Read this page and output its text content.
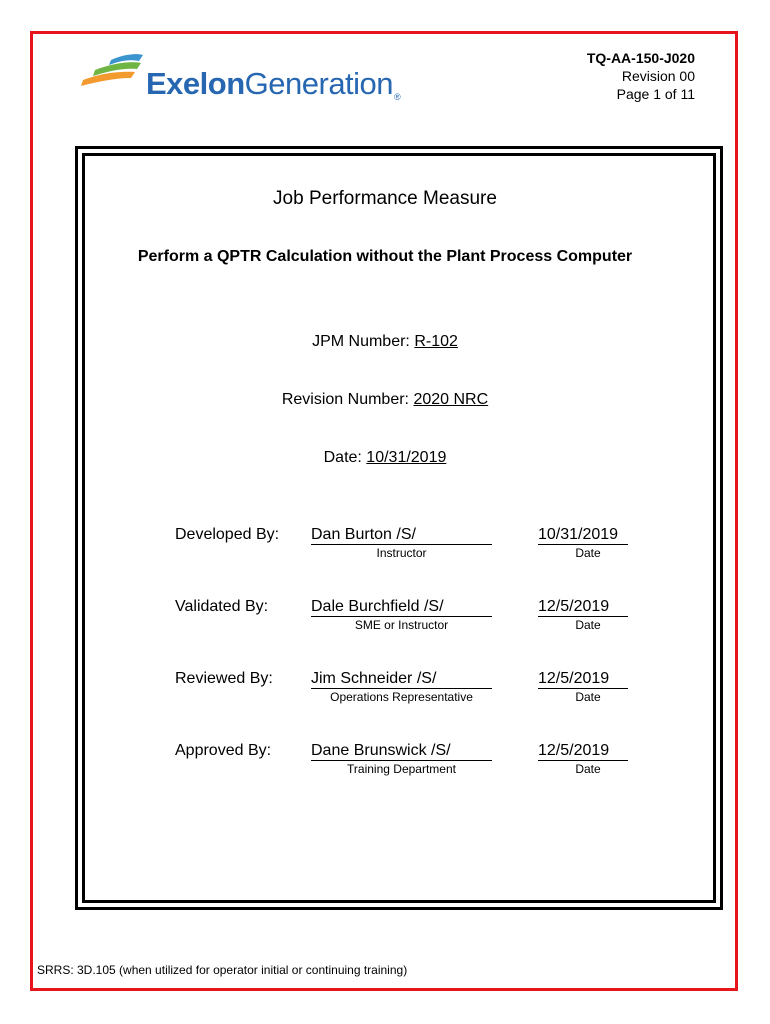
ExelonGeneration®
TQ-AA-150-J020
Revision 00
Page 1 of 11
Job Performance Measure
Perform a QPTR Calculation without the Plant Process Computer
JPM Number: R-102
Revision Number: 2020 NRC
Date: 10/31/2019
Developed By: Dan Burton /S/	10/31/2019
Instructor	Date
Validated By:	Dale Burchfield /S/	12/5/2019
SME or Instructor	Date
Reviewed By: Jim Schneider /S/	12/5/2019
Operations Representative	Date
Approved By: Dane Brunswick /S/	12/5/2019
Training Department	Date
SRRS: 3D.105 (when utilized for operator initial or continuing training)
